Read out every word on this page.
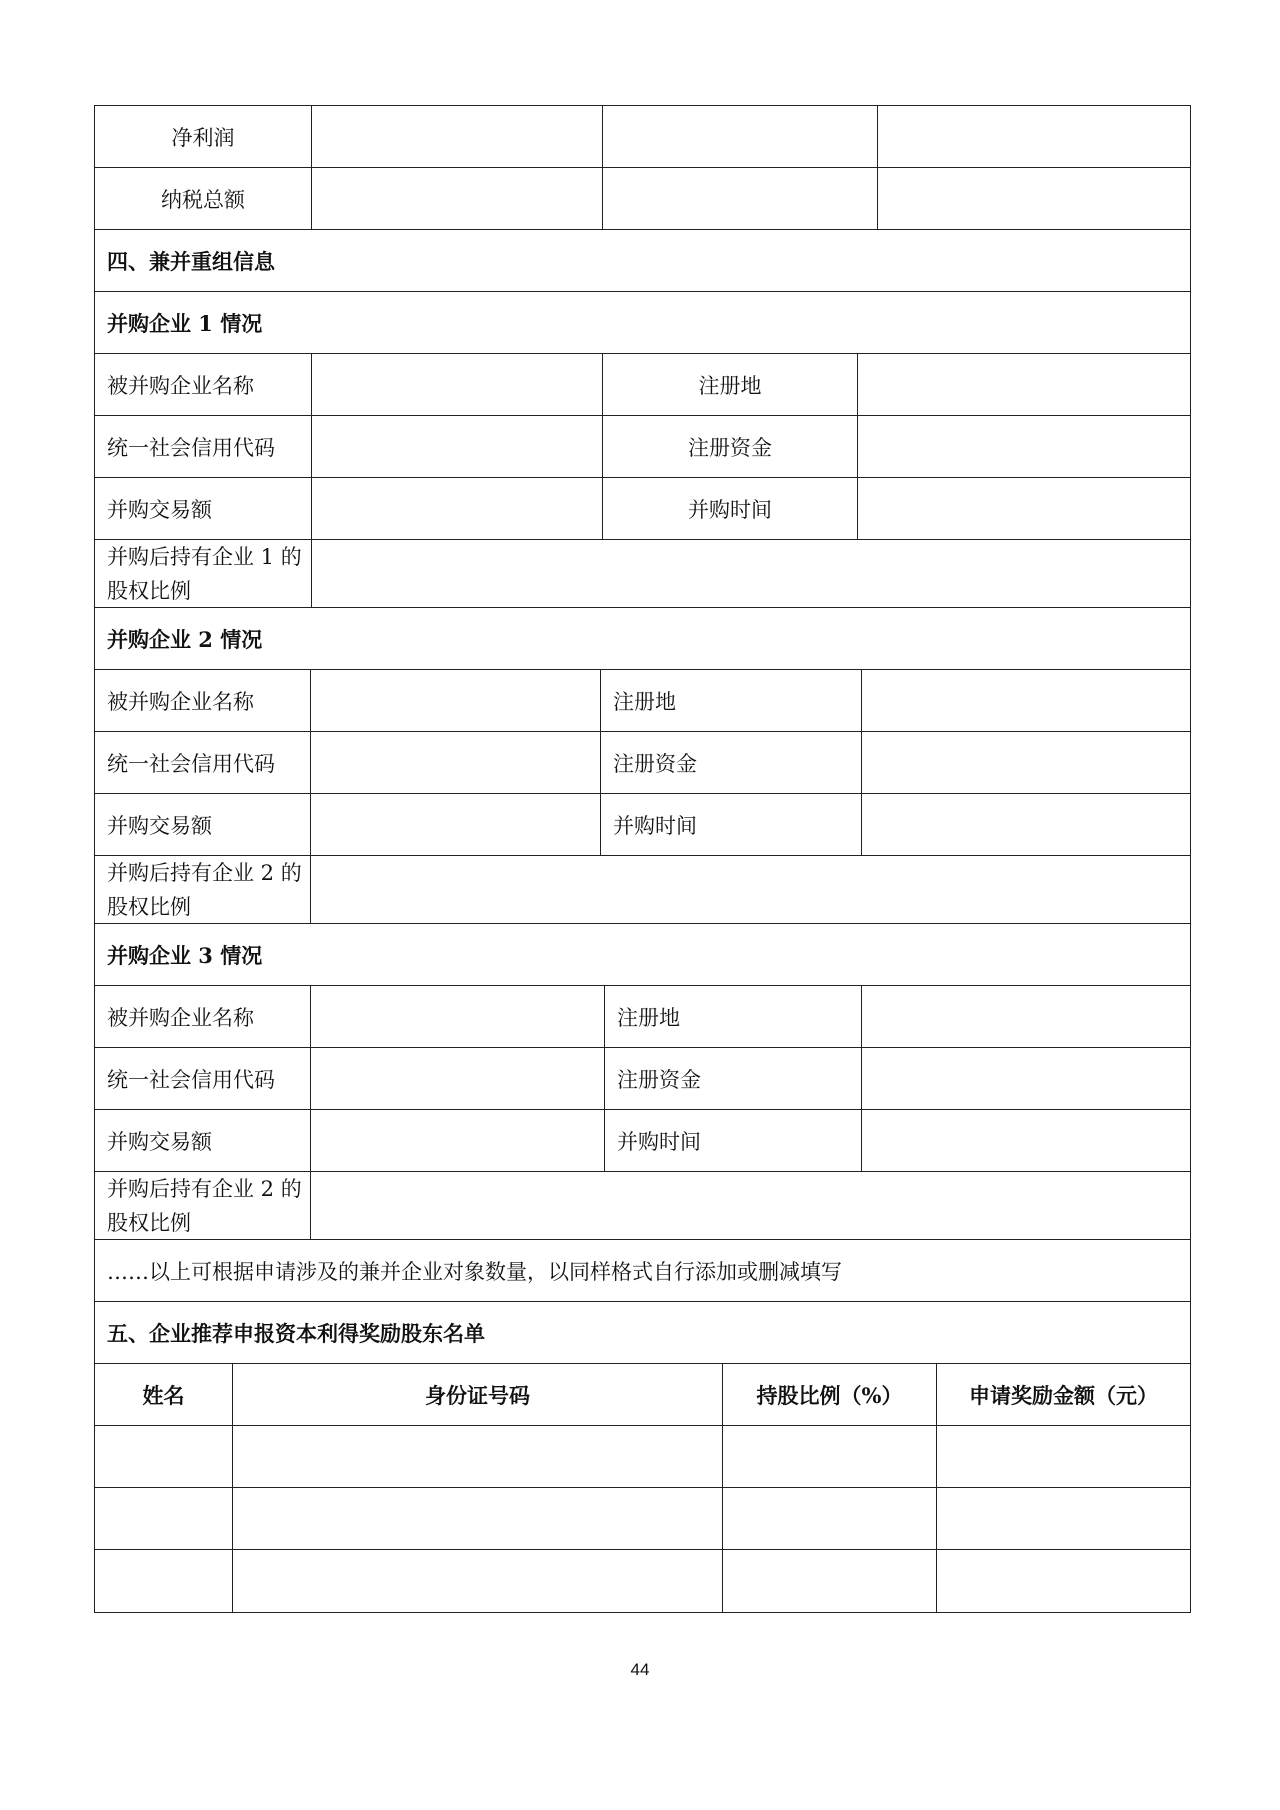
净利润
纳税总额
四、兼并重组信息
并购企业 1 情况
被并购企业名称	注册地
统一社会信用代码	注册资金
并购交易额	并购时间
并购后持有企业 1 的股权比例
并购企业 2 情况
被并购企业名称	注册地
统一社会信用代码	注册资金
并购交易额	并购时间
并购后持有企业 2 的股权比例
并购企业 3 情况
被并购企业名称	注册地
统一社会信用代码	注册资金
并购交易额	并购时间
并购后持有企业 2 的股权比例
……以上可根据申请涉及的兼并企业对象数量，以同样格式自行添加或删减填写
五、企业推荐申报资本利得奖励股东名单
姓名	身份证号码	持股比例（%）	申请奖励金额（元）
44
